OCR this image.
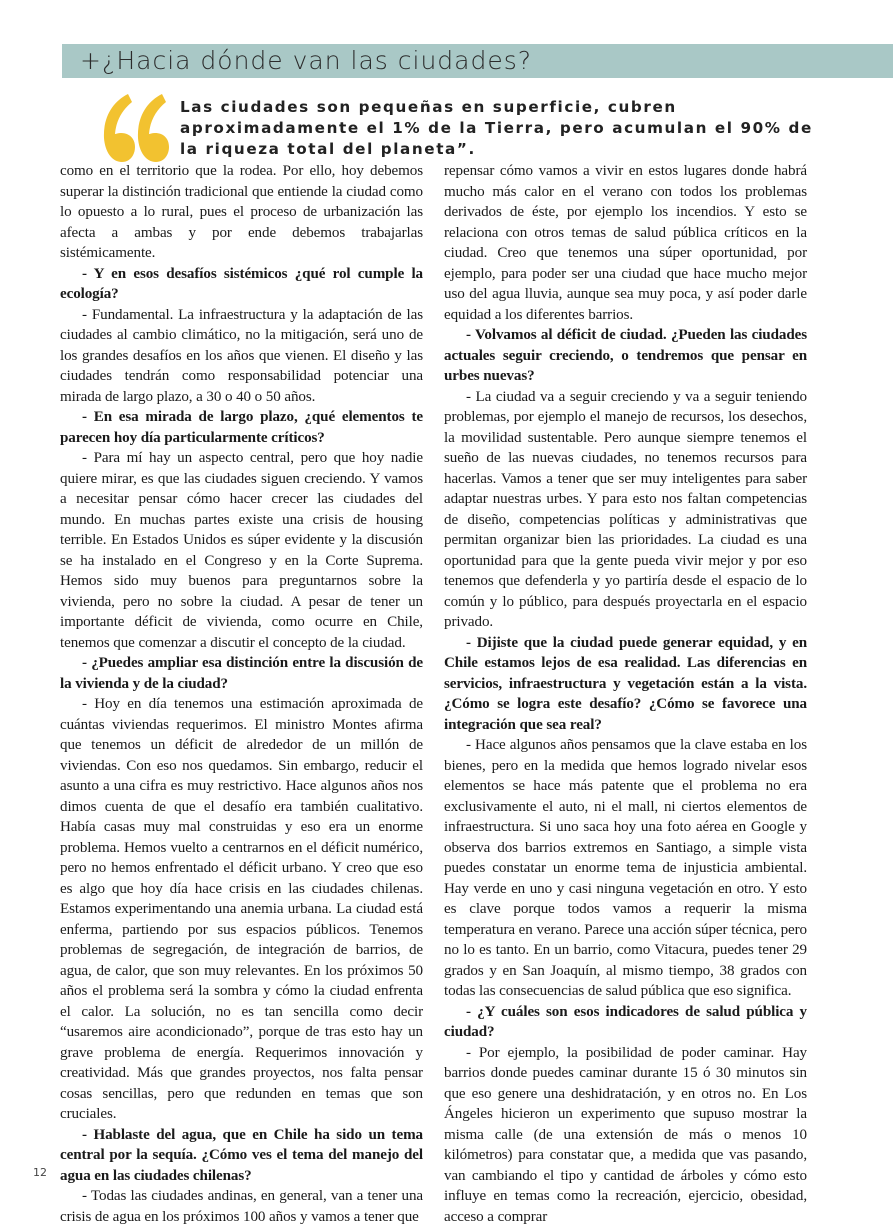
+¿Hacia dónde van las ciudades?
Las ciudades son pequeñas en superficie, cubren aproximadamente el 1% de la Tierra, pero acumulan el 90% de la riqueza total del planeta”.

como en el territorio que la rodea. Por ello, hoy debemos superar la distinción tradicional que entiende la ciudad como lo opuesto a lo rural, pues el proceso de urbanización las afecta a ambas y por ende debemos trabajarlas sistémicamente.

- Y en esos desafíos sistémicos ¿qué rol cumple la ecología?

- Fundamental. La infraestructura y la adaptación de las ciudades al cambio climático, no la mitigación, será uno de los grandes desafíos en los años que vienen. El diseño y las ciudades tendrán como responsabilidad potenciar una mirada de largo plazo, a 30 o 40 o 50 años.

- En esa mirada de largo plazo, ¿qué elementos te parecen hoy día particularmente críticos?

- Para mí hay un aspecto central, pero que hoy nadie quiere mirar, es que las ciudades siguen creciendo. Y vamos a necesitar pensar cómo hacer crecer las ciudades del mundo. En muchas partes existe una crisis de housing terrible. En Estados Unidos es súper evidente y la discusión se ha instalado en el Congreso y en la Corte Suprema. Hemos sido muy buenos para preguntarnos sobre la vivienda, pero no sobre la ciudad. A pesar de tener un importante déficit de vivienda, como ocurre en Chile, tenemos que comenzar a discutir el concepto de la ciudad.

- ¿Puedes ampliar esa distinción entre la discusión de la vivienda y de la ciudad?

- Hoy en día tenemos una estimación aproximada de cuántas viviendas requerimos. El ministro Montes afirma que tenemos un déficit de alrededor de un millón de viviendas. Con eso nos quedamos. Sin embargo, reducir el asunto a una cifra es muy restrictivo. Hace algunos años nos dimos cuenta de que el desafío era también cualitativo. Había casas muy mal construidas y eso era un enorme problema. Hemos vuelto a centrarnos en el déficit numérico, pero no hemos enfrentado el déficit urbano. Y creo que eso es algo que hoy día hace crisis en las ciudades chilenas. Estamos experimentando una anemia urbana. La ciudad está enferma, partiendo por sus espacios públicos. Tenemos problemas de segregación, de integración de barrios, de agua, de calor, que son muy relevantes. En los próximos 50 años el problema será la sombra y cómo la ciudad enfrenta el calor. La solución, no es tan sencilla como decir “usaremos aire acondicionado”, porque de tras esto hay un grave problema de energía. Requerimos innovación y creatividad. Más que grandes proyectos, nos falta pensar cosas sencillas, pero que redunden en temas que son cruciales.

- Hablaste del agua, que en Chile ha sido un tema central por la sequía. ¿Cómo ves el tema del manejo del agua en las ciudades chilenas?

- Todas las ciudades andinas, en general, van a tener una crisis de agua en los próximos 100 años y vamos a tener que

repensar cómo vamos a vivir en estos lugares donde habrá mucho más calor en el verano con todos los problemas derivados de éste, por ejemplo los incendios. Y esto se relaciona con otros temas de salud pública críticos en la ciudad. Creo que tenemos una súper oportunidad, por ejemplo, para poder ser una ciudad que hace mucho mejor uso del agua lluvia, aunque sea muy poca, y así poder darle equidad a los diferentes barrios.

- Volvamos al déficit de ciudad. ¿Pueden las ciudades actuales seguir creciendo, o tendremos que pensar en urbes nuevas?

- La ciudad va a seguir creciendo y va a seguir teniendo problemas, por ejemplo el manejo de recursos, los desechos, la movilidad sustentable. Pero aunque siempre tenemos el sueño de las nuevas ciudades, no tenemos recursos para hacerlas. Vamos a tener que ser muy inteligentes para saber adaptar nuestras urbes. Y para esto nos faltan competencias de diseño, competencias políticas y administrativas que permitan organizar bien las prioridades. La ciudad es una oportunidad para que la gente pueda vivir mejor y por eso tenemos que defenderla y yo partiría desde el espacio de lo común y lo público, para después proyectarla en el espacio privado.

- Dijiste que la ciudad puede generar equidad, y en Chile estamos lejos de esa realidad. Las diferencias en servicios, infraestructura y vegetación están a la vista. ¿Cómo se logra este desafío? ¿Cómo se favorece una integración que sea real?

- Hace algunos años pensamos que la clave estaba en los bienes, pero en la medida que hemos logrado nivelar esos elementos se hace más patente que el problema no era exclusivamente el auto, ni el mall, ni ciertos elementos de infraestructura. Si uno saca hoy una foto aérea en Google y observa dos barrios extremos en Santiago, a simple vista puedes constatar un enorme tema de injusticia ambiental. Hay verde en uno y casi ninguna vegetación en otro. Y esto es clave porque todos vamos a requerir la misma temperatura en verano. Parece una acción súper técnica, pero no lo es tanto. En un barrio, como Vitacura, puedes tener 29 grados y en San Joaquín, al mismo tiempo, 38 grados con todas las consecuencias de salud pública que eso significa.

- ¿Y cuáles son esos indicadores de salud pública y ciudad?

- Por ejemplo, la posibilidad de poder caminar. Hay barrios donde puedes caminar durante 15 ó 30 minutos sin que eso genere una deshidratación, y en otros no. En Los Ángeles hicieron un experimento que supuso mostrar la misma calle (de una extensión de más o menos 10 kilómetros) para constatar que, a medida que vas pasando, van cambiando el tipo y cantidad de árboles y cómo esto influye en temas como la recreación, ejercicio, obesidad, acceso a comprar

12
